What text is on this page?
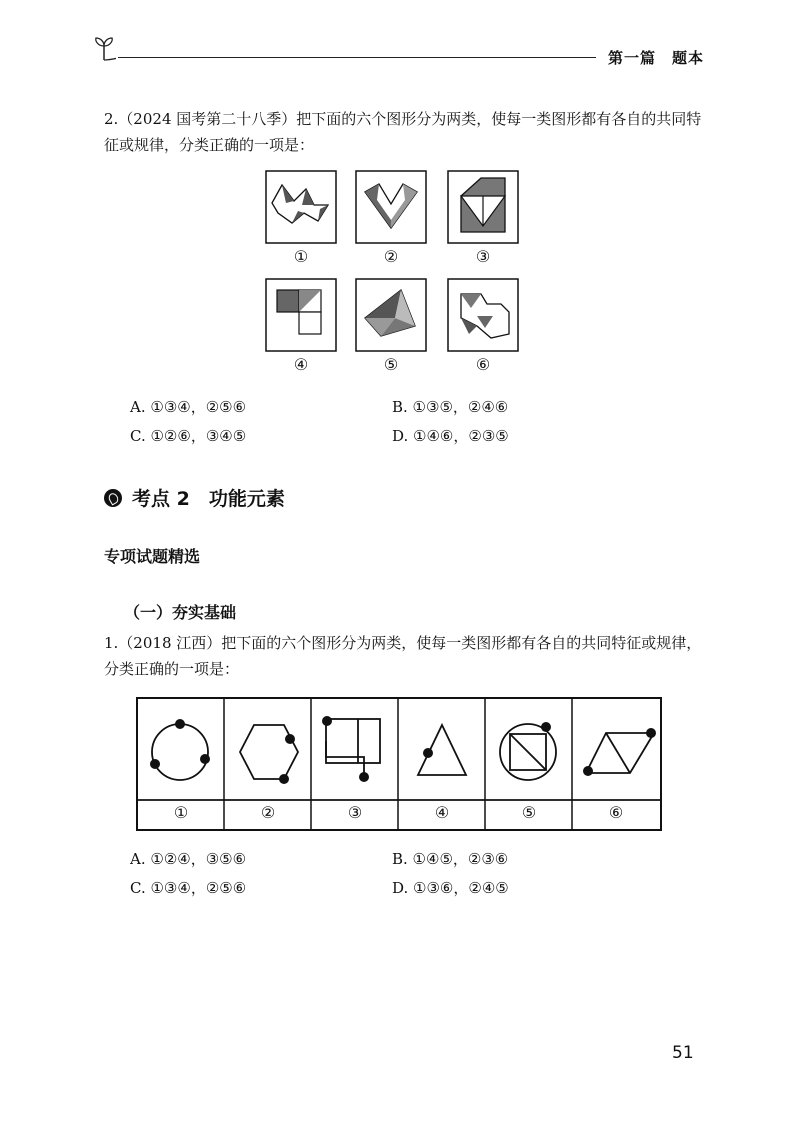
第一篇　题本
2.（2024 国考第二十八季）把下面的六个图形分为两类，使每一类图形都有各自的共同特征或规律，分类正确的一项是：
①	②	③
④	⑤	⑥
A. ①③④，②⑤⑥	B. ①③⑤，②④⑥
C. ①②⑥，③④⑤	D. ①④⑥，②③⑤
考点 2　功能元素
专项试题精选
（一）夯实基础
1.（2018 江西）把下面的六个图形分为两类，使每一类图形都有各自的共同特征或规律，分类正确的一项是：
①	②	③	④	⑤	⑥
A. ①②④，③⑤⑥	B. ①④⑤，②③⑥
C. ①③④，②⑤⑥	D. ①③⑥，②④⑤
51
